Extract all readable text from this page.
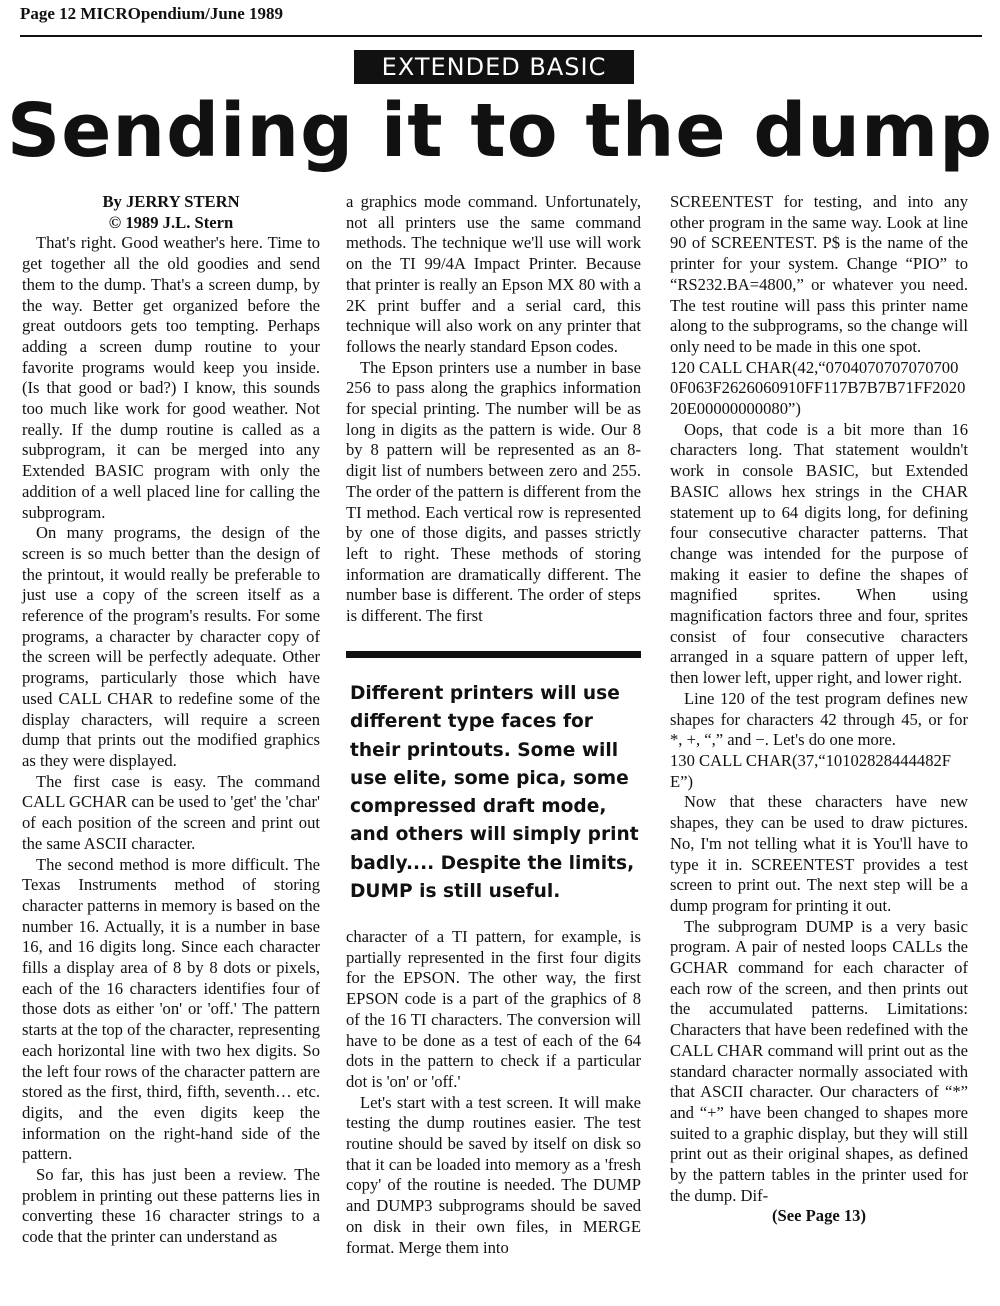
Page 12 MICROpendium/June 1989
EXTENDED BASIC
Sending it to the dump

By JERRY STERN

© 1989 J.L. Stern

That's right. Good weather's here. Time to get together all the old goodies and send them to the dump. That's a screen dump, by the way. Better get organized before the great outdoors gets too tempting. Perhaps adding a screen dump routine to your favorite programs would keep you inside. (Is that good or bad?) I know, this sounds too much like work for good weather. Not really. If the dump routine is called as a subprogram, it can be merged into any Extended BASIC program with only the addition of a well placed line for calling the subprogram.

On many programs, the design of the screen is so much better than the design of the printout, it would really be preferable to just use a copy of the screen itself as a reference of the program's results. For some programs, a character by character copy of the screen will be perfectly adequate. Other programs, particularly those which have used CALL CHAR to redefine some of the display characters, will require a screen dump that prints out the modified graphics as they were displayed.

The first case is easy. The command CALL GCHAR can be used to 'get' the 'char' of each position of the screen and print out the same ASCII character.

The second method is more difficult. The Texas Instruments method of storing character patterns in memory is based on the number 16. Actually, it is a number in base 16, and 16 digits long. Since each character fills a display area of 8 by 8 dots or pixels, each of the 16 characters identifies four of those dots as either 'on' or 'off.' The pattern starts at the top of the character, representing each horizontal line with two hex digits. So the left four rows of the character pattern are stored as the first, third, fifth, seventh… etc. digits, and the even digits keep the information on the right-hand side of the pattern.

So far, this has just been a review. The problem in printing out these patterns lies in converting these 16 character strings to a code that the printer can understand as

a graphics mode command. Unfortunately, not all printers use the same command methods. The technique we'll use will work on the TI 99/4A Impact Printer. Because that printer is really an Epson MX 80 with a 2K print buffer and a serial card, this technique will also work on any printer that follows the nearly standard Epson codes.

The Epson printers use a number in base 256 to pass along the graphics information for special printing. The number will be as long in digits as the pattern is wide. Our 8 by 8 pattern will be represented as an 8-digit list of numbers between zero and 255. The order of the pattern is different from the TI method. Each vertical row is represented by one of those digits, and passes strictly left to right. These methods of storing information are dramatically different. The number base is different. The order of steps is different. The first

Different printers will use different type faces for their printouts. Some will use elite, some pica, some compressed draft mode, and others will simply print badly.... Despite the limits, DUMP is still useful.

character of a TI pattern, for example, is partially represented in the first four digits for the EPSON. The other way, the first EPSON code is a part of the graphics of 8 of the 16 TI characters. The conversion will have to be done as a test of each of the 64 dots in the pattern to check if a particular dot is 'on' or 'off.'

Let's start with a test screen. It will make testing the dump routines easier. The test routine should be saved by itself on disk so that it can be loaded into memory as a 'fresh copy' of the routine is needed. The DUMP and DUMP3 subprograms should be saved on disk in their own files, in MERGE format. Merge them into

SCREENTEST for testing, and into any other program in the same way. Look at line 90 of SCREENTEST. P$ is the name of the printer for your system. Change “PIO” to “RS232.BA=4800,” or whatever you need. The test routine will pass this printer name along to the subprograms, so the change will only need to be made in this one spot.

120 CALL CHAR(42,“0704070707070700 0F063F2626060910FF117B7B7B71FF2020 20E00000000080”)

Oops, that code is a bit more than 16 characters long. That statement wouldn't work in console BASIC, but Extended BASIC allows hex strings in the CHAR statement up to 64 digits long, for defining four consecutive character patterns. That change was intended for the purpose of making it easier to define the shapes of magnified sprites. When using magnification factors three and four, sprites consist of four consecutive characters arranged in a square pattern of upper left, then lower left, upper right, and lower right.

Line 120 of the test program defines new shapes for characters 42 through 45, or for *, +, “,” and −. Let's do one more.

130 CALL CHAR(37,“10102828444482F E”)

Now that these characters have new shapes, they can be used to draw pictures. No, I'm not telling what it is You'll have to type it in. SCREENTEST provides a test screen to print out. The next step will be a dump program for printing it out.

The subprogram DUMP is a very basic program. A pair of nested loops CALLs the GCHAR command for each character of each row of the screen, and then prints out the accumulated patterns. Limitations: Characters that have been redefined with the CALL CHAR command will print out as the standard character normally associated with that ASCII character. Our characters of “*” and “+” have been changed to shapes more suited to a graphic display, but they will still print out as their original shapes, as defined by the pattern tables in the printer used for the dump. Dif-

(See Page 13)
